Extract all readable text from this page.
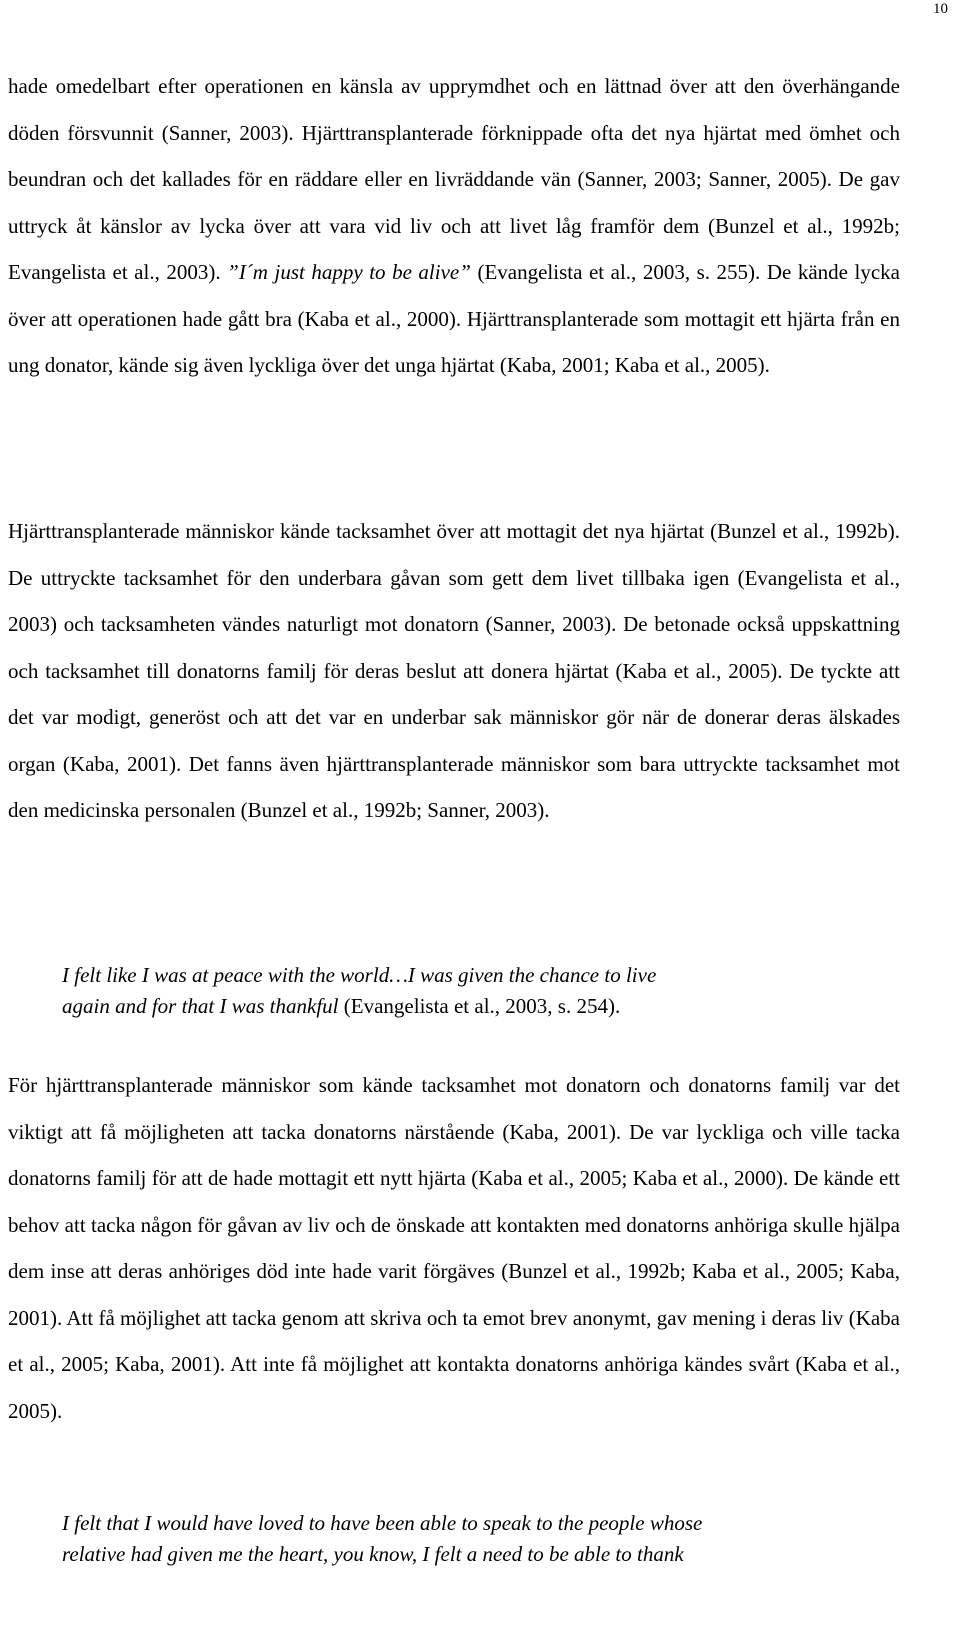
10

hade omedelbart efter operationen en känsla av upprymdhet och en lättnad över att den överhängande döden försvunnit (Sanner, 2003). Hjärttransplanterade förknippade ofta det nya hjärtat med ömhet och beundran och det kallades för en räddare eller en livräddande vän (Sanner, 2003; Sanner, 2005). De gav uttryck åt känslor av lycka över att vara vid liv och att livet låg framför dem (Bunzel et al., 1992b; Evangelista et al., 2003). ”I´m just happy to be alive” (Evangelista et al., 2003, s. 255). De kände lycka över att operationen hade gått bra (Kaba et al., 2000). Hjärttransplanterade som mottagit ett hjärta från en ung donator, kände sig även lyckliga över det unga hjärtat (Kaba, 2001; Kaba et al., 2005).

Hjärttransplanterade människor kände tacksamhet över att mottagit det nya hjärtat (Bunzel et al., 1992b). De uttryckte tacksamhet för den underbara gåvan som gett dem livet tillbaka igen (Evangelista et al., 2003) och tacksamheten vändes naturligt mot donatorn (Sanner, 2003). De betonade också uppskattning och tacksamhet till donatorns familj för deras beslut att donera hjärtat (Kaba et al., 2005). De tyckte att det var modigt, generöst och att det var en underbar sak människor gör när de donerar deras älskades organ (Kaba, 2001). Det fanns även hjärttransplanterade människor som bara uttryckte tacksamhet mot den medicinska personalen (Bunzel et al., 1992b; Sanner, 2003).

I felt like I was at peace with the world…I was given the chance to live
again and for that I was thankful (Evangelista et al., 2003, s. 254).

För hjärttransplanterade människor som kände tacksamhet mot donatorn och donatorns familj var det viktigt att få möjligheten att tacka donatorns närstående (Kaba, 2001). De var lyckliga och ville tacka donatorns familj för att de hade mottagit ett nytt hjärta (Kaba et al., 2005; Kaba et al., 2000). De kände ett behov att tacka någon för gåvan av liv och de önskade att kontakten med donatorns anhöriga skulle hjälpa dem inse att deras anhöriges död inte hade varit förgäves (Bunzel et al., 1992b; Kaba et al., 2005; Kaba, 2001). Att få möjlighet att tacka genom att skriva och ta emot brev anonymt, gav mening i deras liv (Kaba et al., 2005; Kaba, 2001). Att inte få möjlighet att kontakta donatorns anhöriga kändes svårt (Kaba et al., 2005).

I felt that I would have loved to have been able to speak to the people whose
relative had given me the heart, you know, I felt a need to be able to thank
